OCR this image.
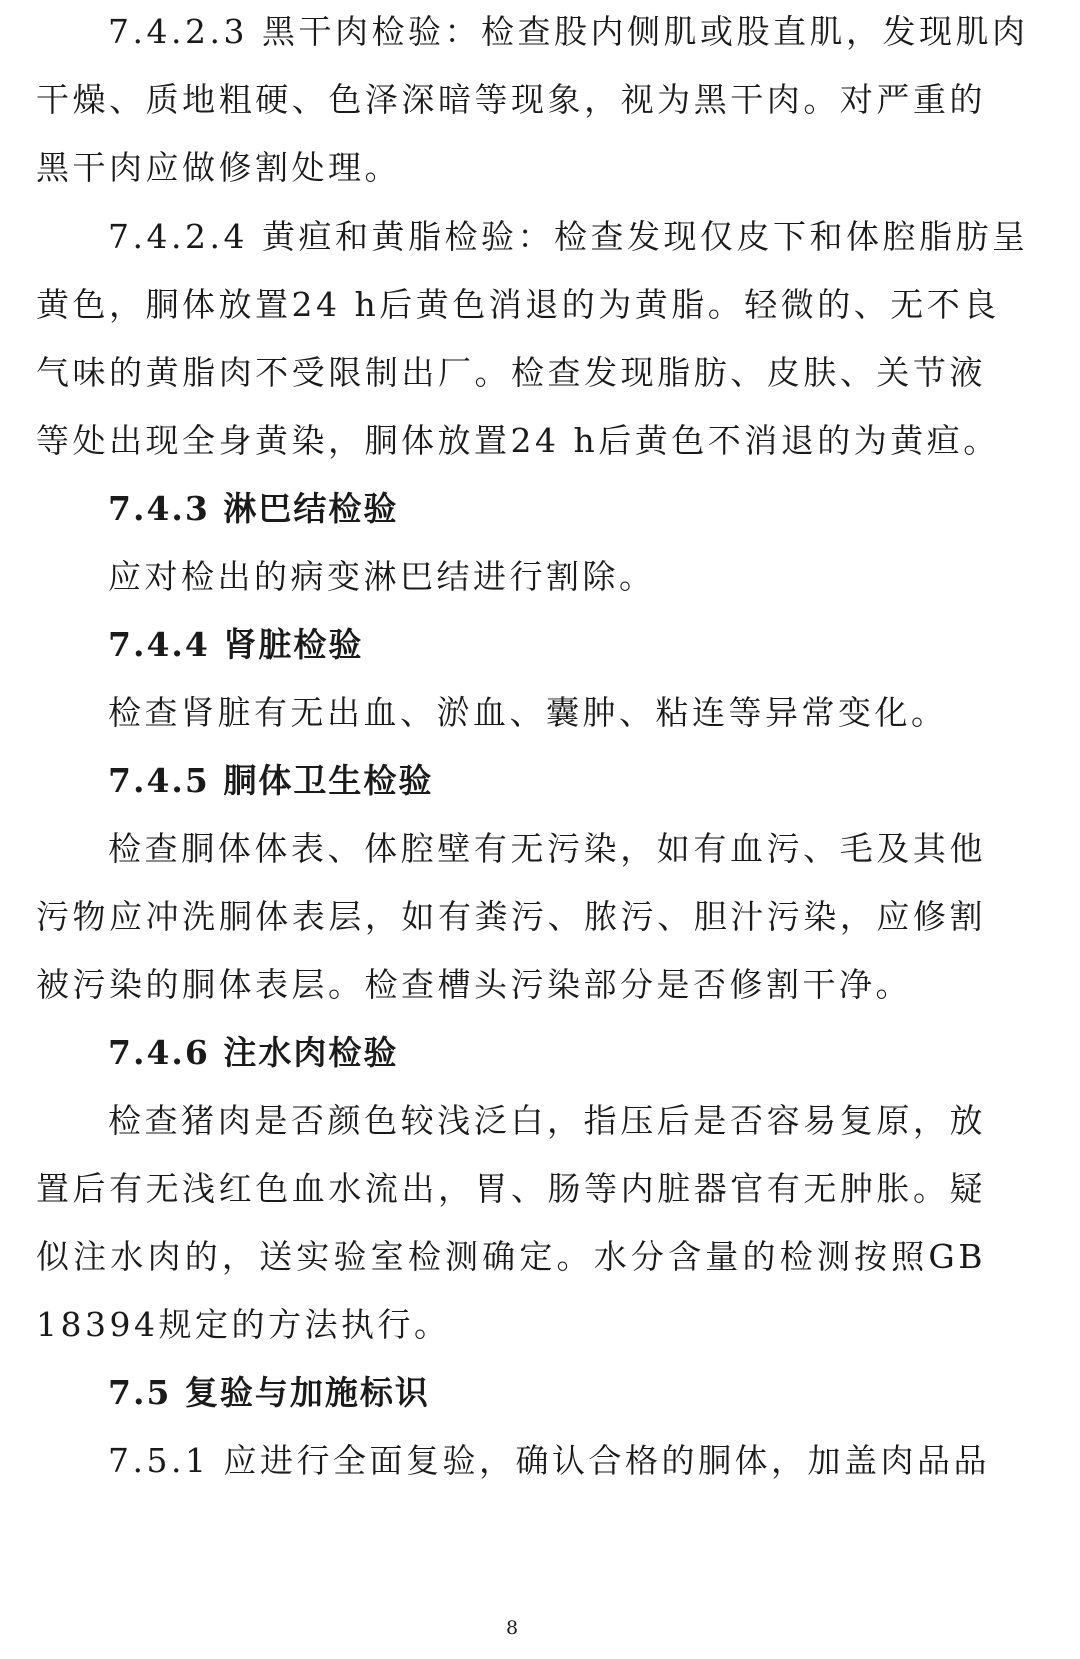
7.4.2.3 黑干肉检验：检查股内侧肌或股直肌，发现肌肉
干燥、质地粗硬、色泽深暗等现象，视为黑干肉。对严重的
黑干肉应做修割处理。
7.4.2.4 黄疸和黄脂检验：检查发现仅皮下和体腔脂肪呈
黄色，胴体放置24 h后黄色消退的为黄脂。轻微的、无不良
气味的黄脂肉不受限制出厂。检查发现脂肪、皮肤、关节液
等处出现全身黄染，胴体放置24 h后黄色不消退的为黄疸。
7.4.3 淋巴结检验
应对检出的病变淋巴结进行割除。
7.4.4 肾脏检验
检查肾脏有无出血、淤血、囊肿、粘连等异常变化。
7.4.5 胴体卫生检验
检查胴体体表、体腔壁有无污染，如有血污、毛及其他
污物应冲洗胴体表层，如有粪污、脓污、胆汁污染，应修割
被污染的胴体表层。检查槽头污染部分是否修割干净。
7.4.6 注水肉检验
检查猪肉是否颜色较浅泛白，指压后是否容易复原，放
置后有无浅红色血水流出，胃、肠等内脏器官有无肿胀。疑
似注水肉的，送实验室检测确定。水分含量的检测按照GB
18394规定的方法执行。
7.5 复验与加施标识
7.5.1 应进行全面复验，确认合格的胴体，加盖肉品品
8
